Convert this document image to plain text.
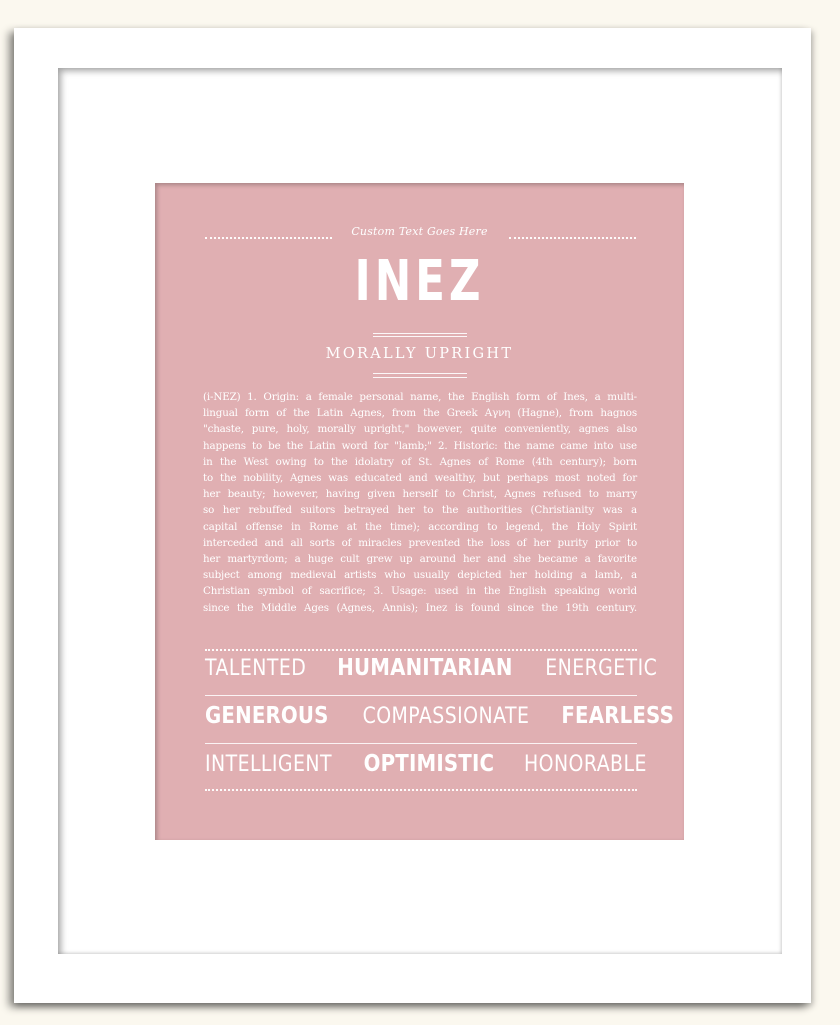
Custom Text Goes Here
INEZ
MORALLY UPRIGHT
(i-NEZ) 1. Origin: a female personal name, the English form of Ines, a multi-
lingual form of the Latin Agnes, from the Greek Αγνη (Hagne), from hagnos
"chaste, pure, holy, morally upright," however, quite conveniently, agnes also
happens to be the Latin word for "lamb;" 2. Historic: the name came into use
in the West owing to the idolatry of St. Agnes of Rome (4th century); born
to the nobility, Agnes was educated and wealthy, but perhaps most noted for
her beauty; however, having given herself to Christ, Agnes refused to marry
so her rebuffed suitors betrayed her to the authorities (Christianity was a
capital offense in Rome at the time); according to legend, the Holy Spirit
interceded and all sorts of miracles prevented the loss of her purity prior to
her martyrdom; a huge cult grew up around her and she became a favorite
subject among medieval artists who usually depicted her holding a lamb, a
Christian symbol of sacrifice; 3. Usage: used in the English speaking world
since the Middle Ages (Agnes, Annis); Inez is found since the 19th century.
TALENTED HUMANITARIAN ENERGETIC
GENEROUS COMPASSIONATE FEARLESS
INTELLIGENT OPTIMISTIC HONORABLE
